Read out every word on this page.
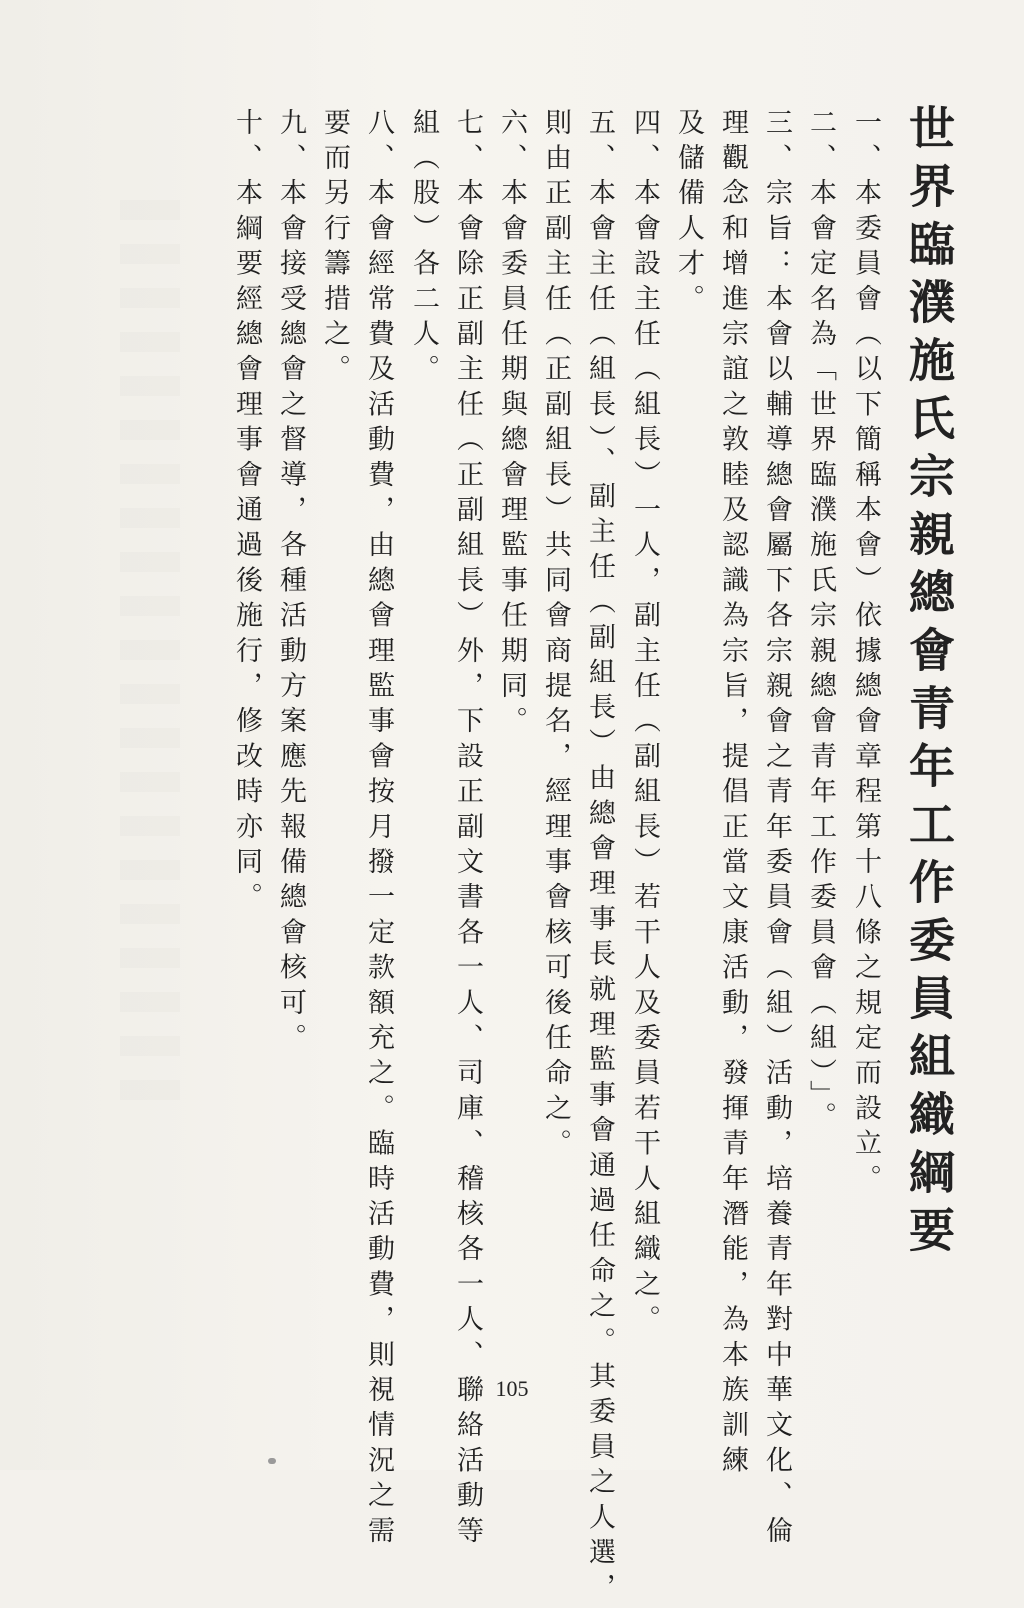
世界臨濮施氏宗親總會青年工作委員組織綱要
一、本委員會（以下簡稱本會）依據總會章程第十八條之規定而設立。
二、本會定名為「世界臨濮施氏宗親總會青年工作委員會（組）」。
三、宗旨：本會以輔導總會屬下各宗親會之青年委員會（組）活動，培養青年對中華文化、倫
理觀念和增進宗誼之敦睦及認識為宗旨，提倡正當文康活動，發揮青年潛能，為本族訓練
及儲備人才。
四、本會設主任（組長）一人，副主任（副組長）若干人及委員若干人組織之。
五、本會主任（組長）、副主任（副組長）由總會理事長就理監事會通過任命之。其委員之人選，
則由正副主任（正副組長）共同會商提名，經理事會核可後任命之。
六、本會委員任期與總會理監事任期同。
七、本會除正副主任（正副組長）外，下設正副文書各一人、司庫、稽核各一人、聯絡活動等
組（股）各二人。
八、本會經常費及活動費，由總會理監事會按月撥一定款額充之。臨時活動費，則視情況之需
要而另行籌措之。
九、本會接受總會之督導，各種活動方案應先報備總會核可。
十、本綱要經總會理事會通過後施行，修改時亦同。
105
